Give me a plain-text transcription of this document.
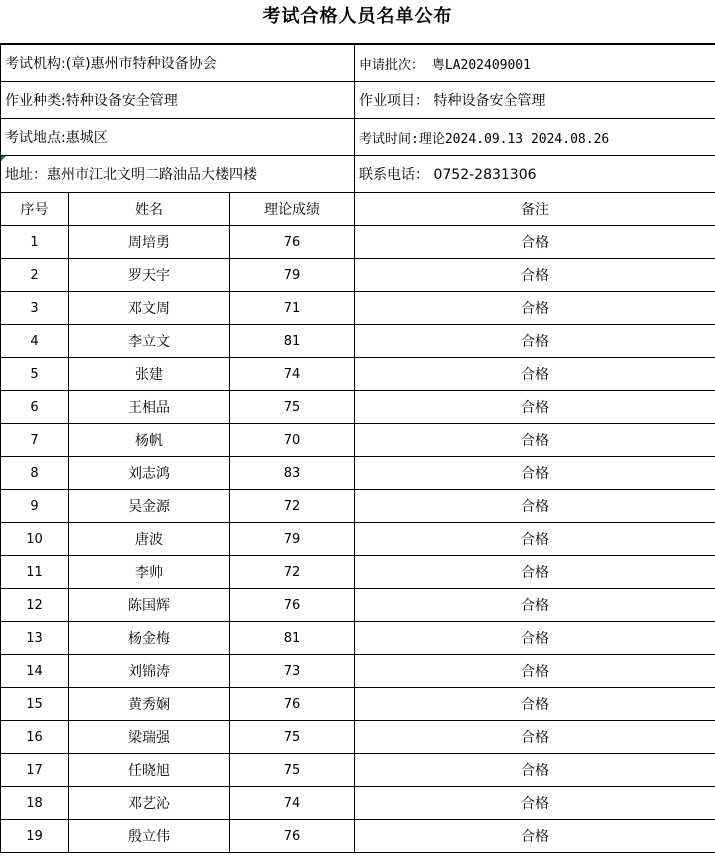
考试合格人员名单公布
考试机构:(章)惠州市特种设备协会			申请批次： 粤LA202409001
作业种类:特种设备安全管理			作业项目： 特种设备安全管理
考试地点:惠城区			考试时间:理论2024.09.13 2024.08.26

地址：惠州市江北文明二路油品大楼四楼			联系电话： 0752-2831306
序号	姓名	理论成绩	备注
1	周培勇	76	合格
2	罗天宇	79	合格
3	邓文周	71	合格
4	李立文	81	合格
5	张建	74	合格
6	王相品	75	合格
7	杨帆	70	合格
8	刘志鸿	83	合格
9	吴金源	72	合格
10	唐波	79	合格
11	李帅	72	合格
12	陈国辉	76	合格
13	杨金梅	81	合格
14	刘锦涛	73	合格
15	黄秀娴	76	合格
16	梁瑞强	75	合格
17	任晓旭	75	合格
18	邓艺沁	74	合格
19	殷立伟	76	合格
